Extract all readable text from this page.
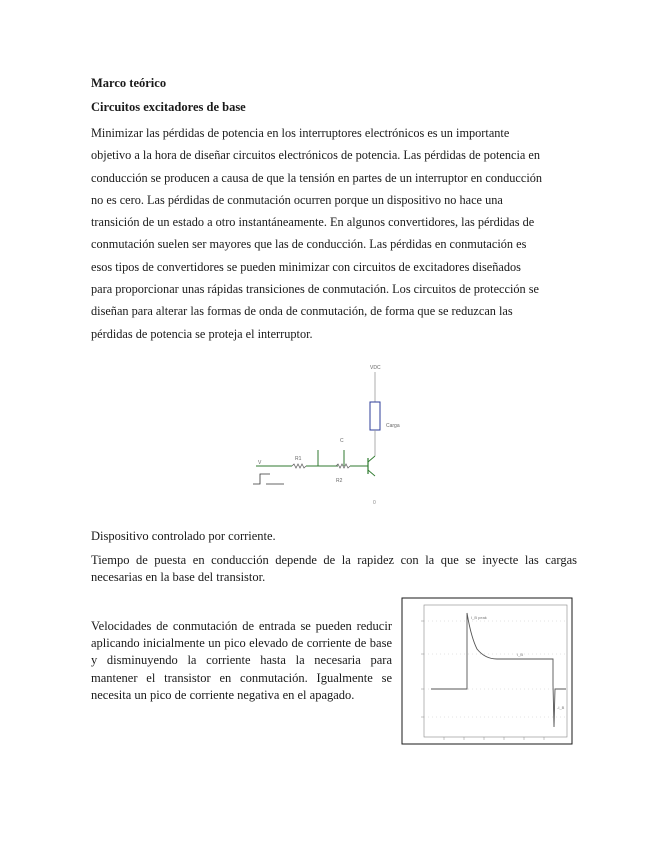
Marco teórico
Circuitos excitadores de base
Minimizar las pérdidas de potencia en los interruptores electrónicos es un importante
objetivo a la hora de diseñar circuitos electrónicos de potencia. Las pérdidas de potencia en
conducción se producen a causa de que la tensión en partes de un interruptor en conducción
no es cero. Las pérdidas de conmutación ocurren porque un dispositivo no hace una
transición de un estado a otro instantáneamente. En algunos convertidores, las pérdidas de
conmutación suelen ser mayores que las de conducción. Las pérdidas en conmutación es
esos tipos de convertidores se pueden minimizar con circuitos de excitadores diseñados
para proporcionar unas rápidas transiciones de conmutación. Los circuitos de protección se
diseñan para alterar las formas de onda de conmutación, de forma que se reduzcan las
pérdidas de potencia se proteja el interruptor.
VDC
Carga
V
R1
C
R2
0
Dispositivo controlado por corriente.
Tiempo de puesta en conducción depende de la rapidez con la que se inyecte las cargas necesarias en la base del transistor.
Velocidades de conmutación de entrada se pueden reducir aplicando inicialmente un pico elevado de corriente de base y disminuyendo la corriente hasta la necesaria para mantener el transistor en conmutación. Igualmente se necesita un pico de corriente negativa en el apagado.
I_B peak
I_B
-I_B
